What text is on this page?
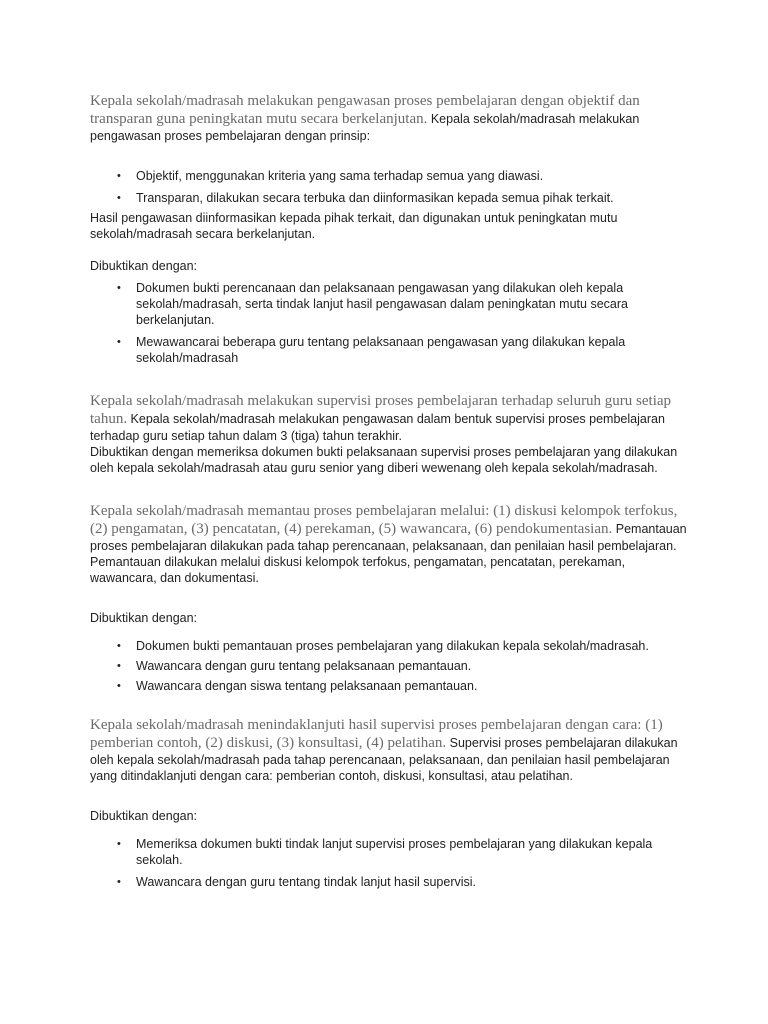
Kepala sekolah/madrasah melakukan pengawasan proses pembelajaran dengan objektif dan transparan guna peningkatan mutu secara berkelanjutan. Kepala sekolah/madrasah melakukan pengawasan proses pembelajaran dengan prinsip:

• Objektif, menggunakan kriteria yang sama terhadap semua yang diawasi.
• Transparan, dilakukan secara terbuka dan diinformasikan kepada semua pihak terkait.

Hasil pengawasan diinformasikan kepada pihak terkait, dan digunakan untuk peningkatan mutu sekolah/madrasah secara berkelanjutan.

Dibuktikan dengan:

• Dokumen bukti perencanaan dan pelaksanaan pengawasan yang dilakukan oleh kepala sekolah/madrasah, serta tindak lanjut hasil pengawasan dalam peningkatan mutu secara berkelanjutan.
• Mewawancarai beberapa guru tentang pelaksanaan pengawasan yang dilakukan kepala sekolah/madrasah

Kepala sekolah/madrasah melakukan supervisi proses pembelajaran terhadap seluruh guru setiap tahun. Kepala sekolah/madrasah melakukan pengawasan dalam bentuk supervisi proses pembelajaran terhadap guru setiap tahun dalam 3 (tiga) tahun terakhir.

Dibuktikan dengan memeriksa dokumen bukti pelaksanaan supervisi proses pembelajaran yang dilakukan oleh kepala sekolah/madrasah atau guru senior yang diberi wewenang oleh kepala sekolah/madrasah.

Kepala sekolah/madrasah memantau proses pembelajaran melalui: (1) diskusi kelompok terfokus, (2) pengamatan, (3) pencatatan, (4) perekaman, (5) wawancara, (6) pendokumentasian. Pemantauan proses pembelajaran dilakukan pada tahap perencanaan, pelaksanaan, dan penilaian hasil pembelajaran. Pemantauan dilakukan melalui diskusi kelompok terfokus, pengamatan, pencatatan, perekaman, wawancara, dan dokumentasi.

Dibuktikan dengan:

• Dokumen bukti pemantauan proses pembelajaran yang dilakukan kepala sekolah/madrasah.
• Wawancara dengan guru tentang pelaksanaan pemantauan.
• Wawancara dengan siswa tentang pelaksanaan pemantauan.

Kepala sekolah/madrasah menindaklanjuti hasil supervisi proses pembelajaran dengan cara: (1) pemberian contoh, (2) diskusi, (3) konsultasi, (4) pelatihan. Supervisi proses pembelajaran dilakukan oleh kepala sekolah/madrasah pada tahap perencanaan, pelaksanaan, dan penilaian hasil pembelajaran yang ditindaklanjuti dengan cara: pemberian contoh, diskusi, konsultasi, atau pelatihan.

Dibuktikan dengan:

• Memeriksa dokumen bukti tindak lanjut supervisi proses pembelajaran yang dilakukan kepala sekolah.
• Wawancara dengan guru tentang tindak lanjut hasil supervisi.
